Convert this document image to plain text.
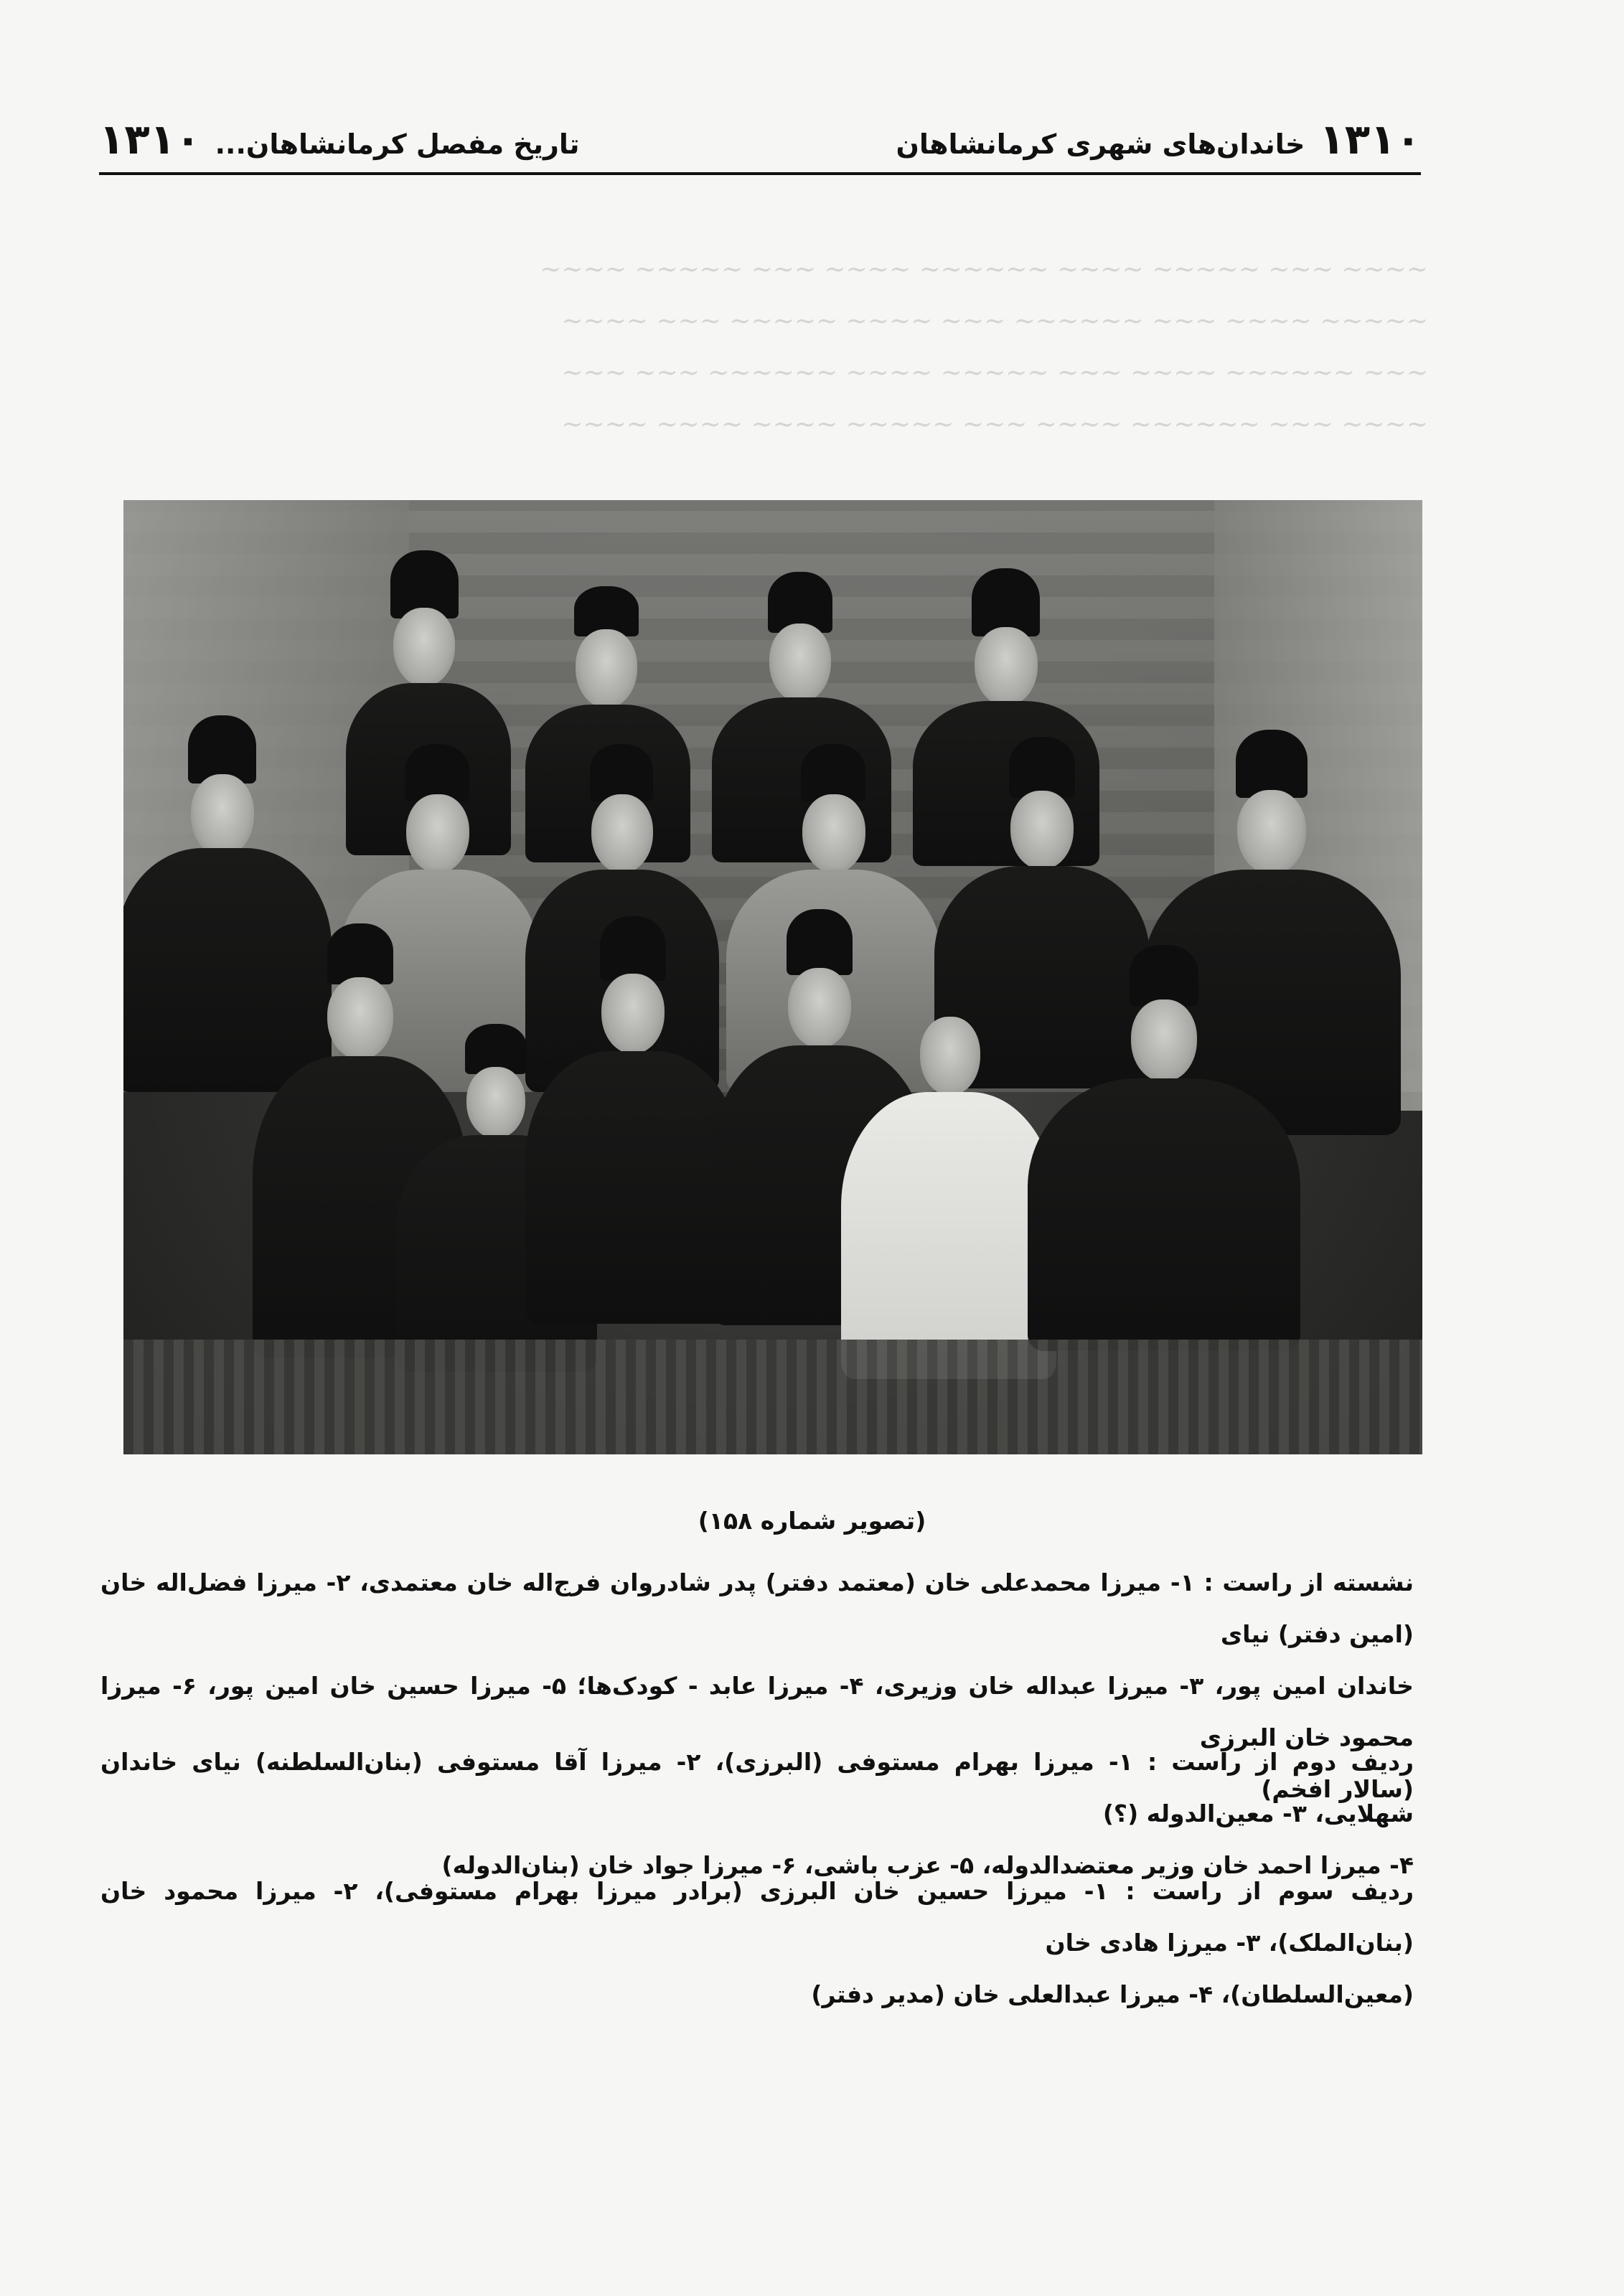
۱۳۱۰
خاندان‌های شهری کرمانشاهان
تاریخ مفصل کرمانشاهان...
۱۳۱۰
~~~~ ~~~ ~~~~~ ~~~~ ~~~~~~ ~~~~ ~~~ ~~~~~ ~~~~
~~~~~ ~~~~ ~~~ ~~~~~~ ~~~ ~~~~ ~~~~~ ~~~ ~~~~
~~~ ~~~~~~ ~~~~ ~~~ ~~~~~ ~~~~ ~~~~~~ ~~~ ~~~
~~~~ ~~~ ~~~~~~ ~~~~ ~~~ ~~~~~ ~~~~ ~~~~ ~~~~
(تصویر شماره ۱۵۸)

نشسته از راست : ۱- میرزا محمدعلی خان (معتمد دفتر) پدر شادروان فرج‌اله خان معتمدی، ۲- میرزا فضل‌اله خان (امین دفتر) نیای

خاندان امین پور، ۳- میرزا عبداله خان وزیری، ۴- میرزا عابد - کودک‌ها؛ ۵- میرزا حسین خان امین پور، ۶- میرزا محمود خان البرزی

(سالار افخم)

ردیف دوم از راست : ۱- میرزا بهرام مستوفی (البرزی)، ۲- میرزا آقا مستوفی (بنان‌السلطنه) نیای خاندان شهلایی، ۳- معین‌الدوله (؟)

۴- میرزا احمد خان وزیر معتضدالدوله، ۵- عزب باشی، ۶- میرزا جواد خان (بنان‌الدوله)

ردیف سوم از راست : ۱- میرزا حسین خان البرزی (برادر میرزا بهرام مستوفی)، ۲- میرزا محمود خان (بنان‌الملک)، ۳- میرزا هادی خان

(معین‌السلطان)، ۴- میرزا عبدالعلی خان (مدیر دفتر)
